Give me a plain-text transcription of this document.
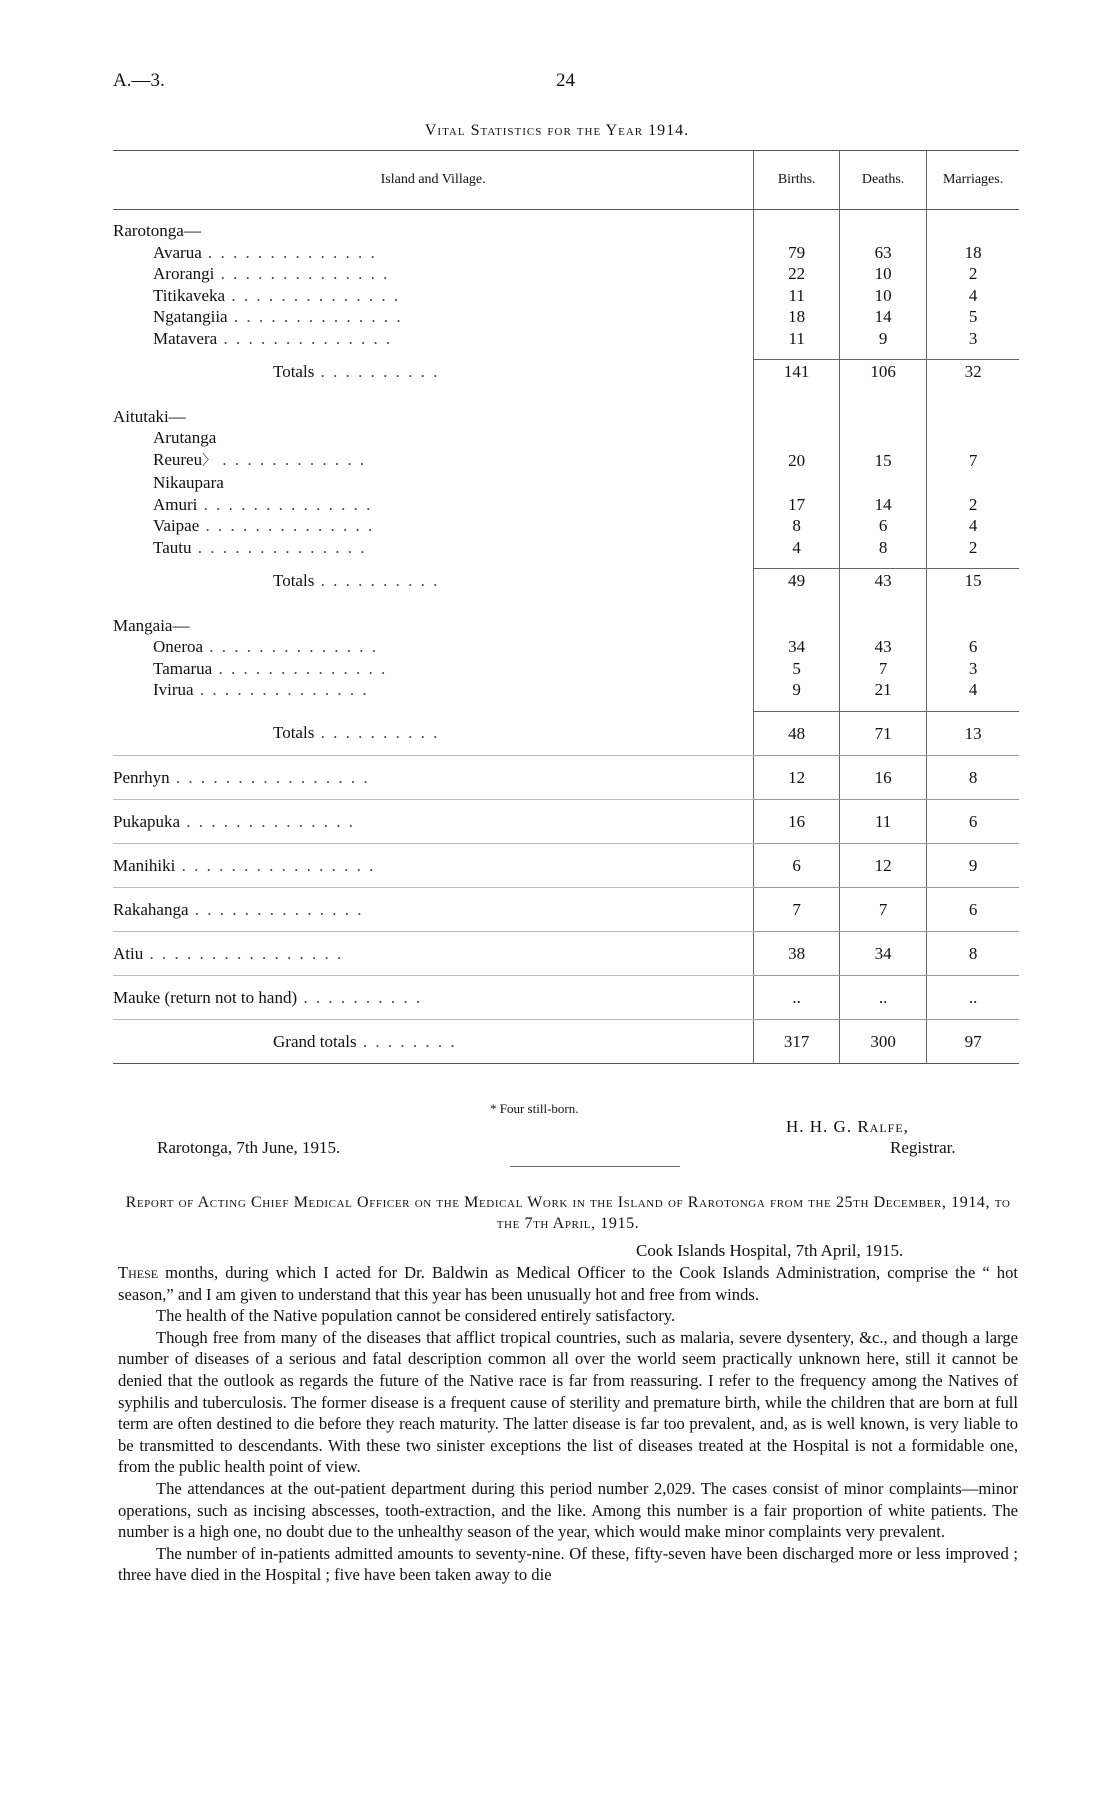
A.—3.	24
Vital Statistics for the Year 1914.
Island and Village.	Births.	Deaths.	Marriages.

Rarotonga—			
Avarua . . . . . . . . . . . . . .	79	63	18
Arorangi . . . . . . . . . . . . . .	22	10	2
Titikaveka . . . . . . . . . . . . . .	11	10	4
Ngatangiia . . . . . . . . . . . . . .	18	14	5
Matavera . . . . . . . . . . . . . .	11	9	3

Totals . . . . . . . . . .	141	106	32

Aitutaki—			
Arutanga			
Reureu〉 . . . . . . . . . . . .	20	15	7
Nikaupara			
Amuri . . . . . . . . . . . . . .	17	14	2
Vaipae . . . . . . . . . . . . . .	8	6	4
Tautu . . . . . . . . . . . . . .	4	8	2

Totals . . . . . . . . . .	49	43	15

Mangaia—			
Oneroa . . . . . . . . . . . . . .	34	43	6
Tamarua . . . . . . . . . . . . . .	5	7	3
Ivirua . . . . . . . . . . . . . .	9	21	4

Totals . . . . . . . . . .	48	71	13
Penrhyn . . . . . . . . . . . . . . . .	12	16	8
Pukapuka . . . . . . . . . . . . . .	16	11	6
Manihiki . . . . . . . . . . . . . . . .	6	12	9
Rakahanga . . . . . . . . . . . . . .	7	7	6
Atiu . . . . . . . . . . . . . . . .	38	34	8
Mauke (return not to hand) . . . . . . . . . .	..	..	..
Grand totals . . . . . . . .	317	300	97
* Four still-born.
Rarotonga, 7th June, 1915.
H. H. G. Ralfe,
Registrar.
Report of Acting Chief Medical Officer on the Medical Work in the Island of Rarotonga from the 25th December, 1914, to the 7th April, 1915.
Cook Islands Hospital, 7th April, 1915.

These months, during which I acted for Dr. Baldwin as Medical Officer to the Cook Islands Administration, comprise the “ hot season,” and I am given to understand that this year has been unusually hot and free from winds.

The health of the Native population cannot be considered entirely satisfactory.

Though free from many of the diseases that afflict tropical countries, such as malaria, severe dysentery, &c., and though a large number of diseases of a serious and fatal description common all over the world seem practically unknown here, still it cannot be denied that the outlook as regards the future of the Native race is far from reassuring. I refer to the frequency among the Natives of syphilis and tuberculosis. The former disease is a frequent cause of sterility and premature birth, while the children that are born at full term are often destined to die before they reach maturity. The latter disease is far too prevalent, and, as is well known, is very liable to be transmitted to descendants. With these two sinister exceptions the list of diseases treated at the Hospital is not a formidable one, from the public health point of view.

The attendances at the out-patient department during this period number 2,029. The cases consist of minor complaints—minor operations, such as incising abscesses, tooth-extraction, and the like. Among this number is a fair proportion of white patients. The number is a high one, no doubt due to the unhealthy season of the year, which would make minor complaints very prevalent.

The number of in-patients admitted amounts to seventy-nine. Of these, fifty-seven have been discharged more or less improved ; three have died in the Hospital ; five have been taken away to die
